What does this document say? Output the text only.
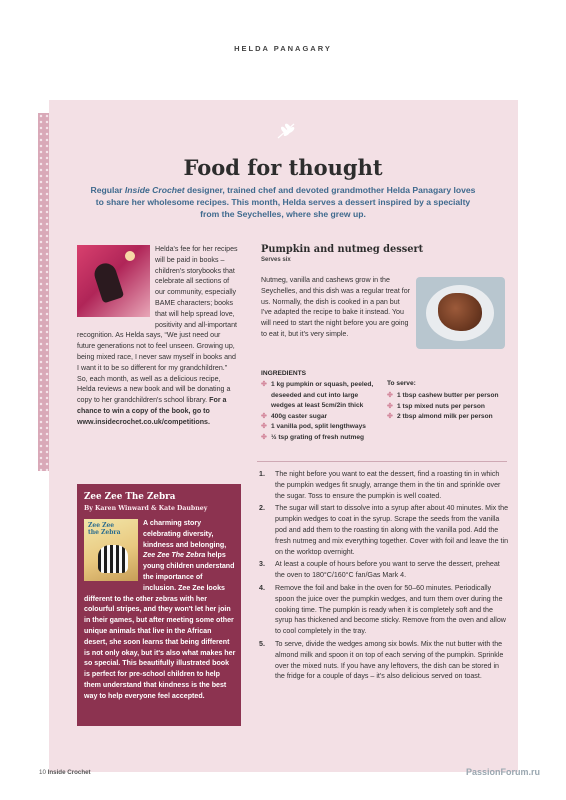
HELDA PANAGARY
Food for thought
Regular Inside Crochet designer, trained chef and devoted grandmother Helda Panagary loves to share her wholesome recipes. This month, Helda serves a dessert inspired by a specialty from the Seychelles, where she grew up.
Helda's fee for her recipes will be paid in books – children's storybooks that celebrate all sections of our community, especially BAME characters; books that will help spread love, positivity and all-important recognition. As Helda says, “We just need our future generations not to feel unseen. Growing up, being mixed race, I never saw myself in books and I want it to be so different for my grandchildren.” So, each month, as well as a delicious recipe, Helda reviews a new book and will be donating a copy to her grandchildren's school library. For a chance to win a copy of the book, go to www.insidecrochet.co.uk/competitions.
Pumpkin and nutmeg dessert
Serves six
Nutmeg, vanilla and cashews grow in the Seychelles, and this dish was a regular treat for us. Normally, the dish is cooked in a pan but I've adapted the recipe to bake it instead. You will need to start the night before you are going to eat it, but it's very simple.
INGREDIENTS
✤ 1 kg pumpkin or squash, peeled, deseeded and cut into large wedges at least 5cm/2in thick
✤ 400g caster sugar
✤ 1 vanilla pod, split lengthways
✤ ½ tsp grating of fresh nutmeg
To serve:
✤ 1 tbsp cashew butter per person
✤ 1 tsp mixed nuts per person
✤ 2 tbsp almond milk per person
1. The night before you want to eat the dessert, find a roasting tin in which the pumpkin wedges fit snugly, arrange them in the tin and sprinkle over the sugar. Toss to ensure the pumpkin is well coated.
2. The sugar will start to dissolve into a syrup after about 40 minutes. Mix the pumpkin wedges to coat in the syrup. Scrape the seeds from the vanilla pod and add them to the roasting tin along with the vanilla pod. Add the fresh nutmeg and mix everything together. Cover with foil and leave the tin on the worktop overnight.
3. At least a couple of hours before you want to serve the dessert, preheat the oven to 180°C/160°C fan/Gas Mark 4.
4. Remove the foil and bake in the oven for 50–60 minutes. Periodically spoon the juice over the pumpkin wedges, and turn them over during the cooking time. The pumpkin is ready when it is completely soft and the syrup has thickened and become sticky. Remove from the oven and allow to cool completely in the tray.
5. To serve, divide the wedges among six bowls. Mix the nut butter with the almond milk and spoon it on top of each serving of the pumpkin. Sprinkle over the mixed nuts. If you have any leftovers, the dish can be stored in the fridge for a couple of days – it's also delicious served on toast.
Zee Zee The Zebra
By Karen Winward & Kate Daubney
Zee Zee
the Zebra
A charming story celebrating diversity, kindness and belonging, Zee Zee The Zebra helps young children understand the importance of inclusion. Zee Zee looks different to the other zebras with her colourful stripes, and they won't let her join in their games, but after meeting some other unique animals that live in the African desert, she soon learns that being different is not only okay, but it's also what makes her so special. This beautifully illustrated book is perfect for pre-school children to help them understand that kindness is the best way to help everyone feel accepted.
10 Inside Crochet	PassionForum.ru
